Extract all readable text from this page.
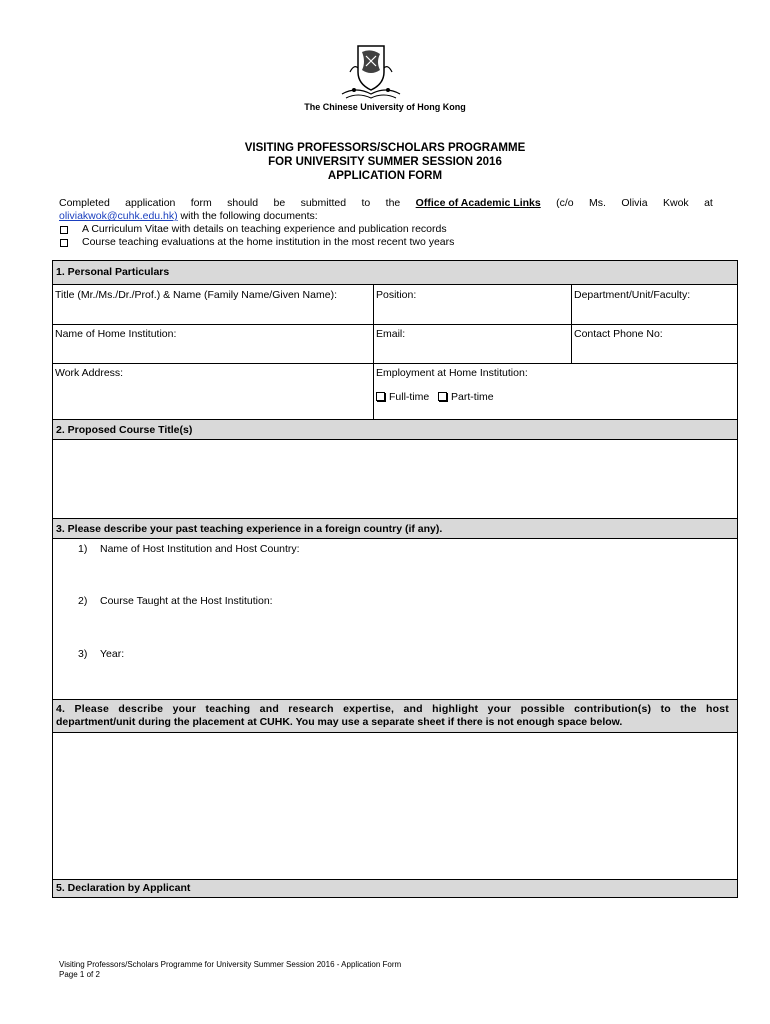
The Chinese University of Hong Kong
VISITING PROFESSORS/SCHOLARS PROGRAMME
FOR UNIVERSITY SUMMER SESSION 2016
APPLICATION FORM
Completed application form should be submitted to the Office of Academic Links (c/o Ms. Olivia Kwok at
oliviakwok@cuhk.edu.hk) with the following documents:
A Curriculum Vitae with details on teaching experience and publication records
Course teaching evaluations at the home institution in the most recent two years
1. Personal Particulars
Title (Mr./Ms./Dr./Prof.) & Name (Family Name/Given Name):	Position:	Department/Unit/Faculty:
Name of Home Institution:	Email:	Contact Phone No:
Work Address:	Employment at Home Institution:
Full-time Part-time
2. Proposed Course Title(s)
3. Please describe your past teaching experience in a foreign country (if any).
1) Name of Host Institution and Host Country:
2) Course Taught at the Host Institution:
3) Year:
4. Please describe your teaching and research expertise, and highlight your possible contribution(s) to the host
department/unit during the placement at CUHK. You may use a separate sheet if there is not enough space below.
5. Declaration by Applicant
Visiting Professors/Scholars Programme for University Summer Session 2016 - Application Form
Page 1 of 2
